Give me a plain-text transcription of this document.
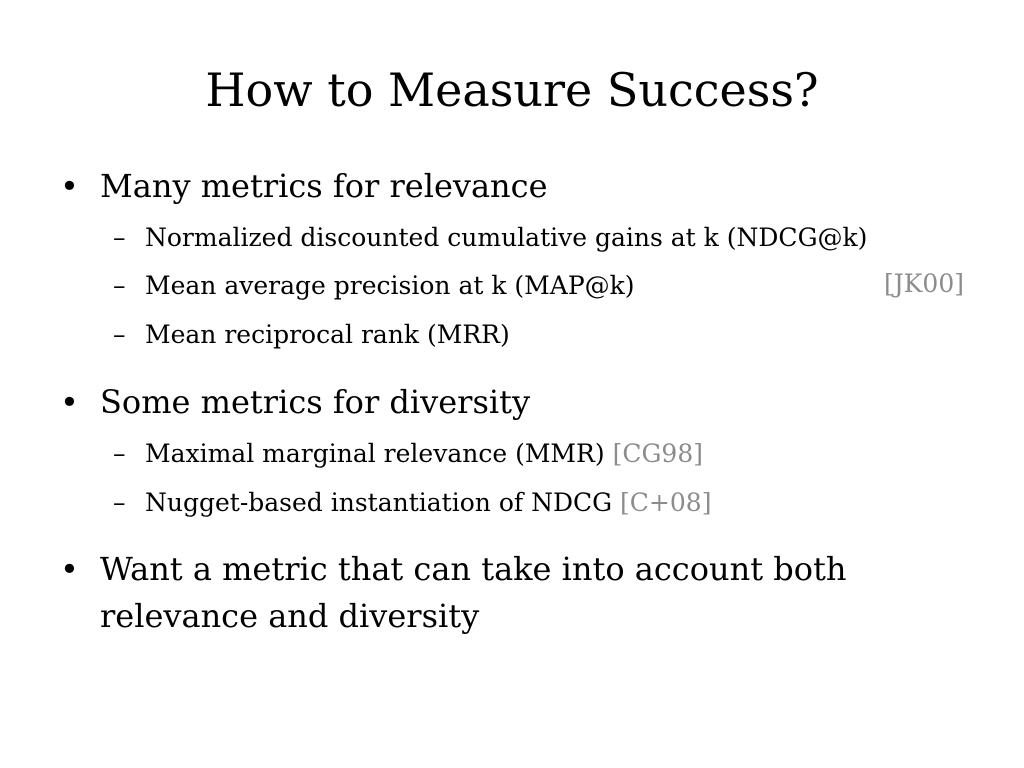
How to Measure Success?
• Many metrics for relevance
– Normalized discounted cumulative gains at k (NDCG@k)
– Mean average precision at k (MAP@k)	[JK00]
– Mean reciprocal rank (MRR)
• Some metrics for diversity
– Maximal marginal relevance (MMR) [CG98]
– Nugget-based instantiation of NDCG [C+08]
• Want a metric that can take into account both
relevance and diversity
